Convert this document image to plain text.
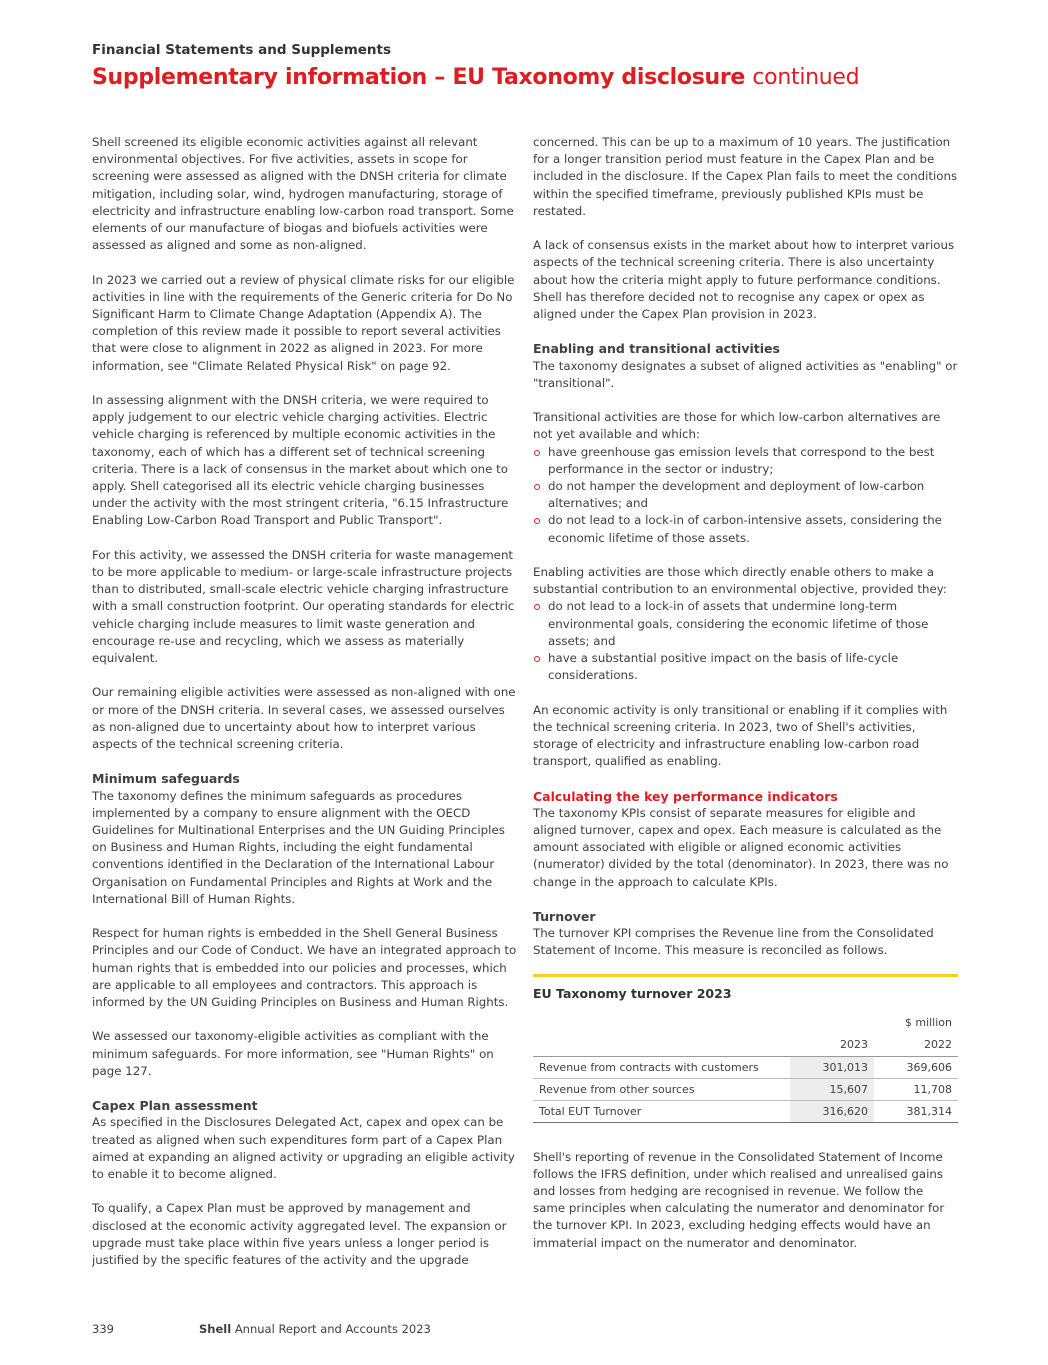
Financial Statements and Supplements
Supplementary information – EU Taxonomy disclosure continued

Shell screened its eligible economic activities against all relevant environmental objectives. For five activities, assets in scope for screening were assessed as aligned with the DNSH criteria for climate mitigation, including solar, wind, hydrogen manufacturing, storage of electricity and infrastructure enabling low-carbon road transport. Some elements of our manufacture of biogas and biofuels activities were assessed as aligned and some as non-aligned.

In 2023 we carried out a review of physical climate risks for our eligible activities in line with the requirements of the Generic criteria for Do No Significant Harm to Climate Change Adaptation (Appendix A). The completion of this review made it possible to report several activities that were close to alignment in 2022 as aligned in 2023. For more information, see "Climate Related Physical Risk" on page 92.

In assessing alignment with the DNSH criteria, we were required to apply judgement to our electric vehicle charging activities. Electric vehicle charging is referenced by multiple economic activities in the taxonomy, each of which has a different set of technical screening criteria. There is a lack of consensus in the market about which one to apply. Shell categorised all its electric vehicle charging businesses under the activity with the most stringent criteria, "6.15 Infrastructure Enabling Low-Carbon Road Transport and Public Transport".

For this activity, we assessed the DNSH criteria for waste management to be more applicable to medium- or large-scale infrastructure projects than to distributed, small-scale electric vehicle charging infrastructure with a small construction footprint. Our operating standards for electric vehicle charging include measures to limit waste generation and encourage re-use and recycling, which we assess as materially equivalent.

Our remaining eligible activities were assessed as non-aligned with one or more of the DNSH criteria. In several cases, we assessed ourselves as non-aligned due to uncertainty about how to interpret various aspects of the technical screening criteria.

Minimum safeguards

The taxonomy defines the minimum safeguards as procedures implemented by a company to ensure alignment with the OECD Guidelines for Multinational Enterprises and the UN Guiding Principles on Business and Human Rights, including the eight fundamental conventions identified in the Declaration of the International Labour Organisation on Fundamental Principles and Rights at Work and the International Bill of Human Rights.

Respect for human rights is embedded in the Shell General Business Principles and our Code of Conduct. We have an integrated approach to human rights that is embedded into our policies and processes, which are applicable to all employees and contractors. This approach is informed by the UN Guiding Principles on Business and Human Rights.

We assessed our taxonomy-eligible activities as compliant with the minimum safeguards. For more information, see "Human Rights" on page 127.

Capex Plan assessment

As specified in the Disclosures Delegated Act, capex and opex can be treated as aligned when such expenditures form part of a Capex Plan aimed at expanding an aligned activity or upgrading an eligible activity to enable it to become aligned.

To qualify, a Capex Plan must be approved by management and disclosed at the economic activity aggregated level. The expansion or upgrade must take place within five years unless a longer period is justified by the specific features of the activity and the upgrade

concerned. This can be up to a maximum of 10 years. The justification for a longer transition period must feature in the Capex Plan and be included in the disclosure. If the Capex Plan fails to meet the conditions within the specified timeframe, previously published KPIs must be restated.

A lack of consensus exists in the market about how to interpret various aspects of the technical screening criteria. There is also uncertainty about how the criteria might apply to future performance conditions. Shell has therefore decided not to recognise any capex or opex as aligned under the Capex Plan provision in 2023.

Enabling and transitional activities

The taxonomy designates a subset of aligned activities as "enabling" or "transitional".

Transitional activities are those for which low-carbon alternatives are not yet available and which:

have greenhouse gas emission levels that correspond to the best performance in the sector or industry;
do not hamper the development and deployment of low-carbon alternatives; and
do not lead to a lock-in of carbon-intensive assets, considering the economic lifetime of those assets.

Enabling activities are those which directly enable others to make a substantial contribution to an environmental objective, provided they:

do not lead to a lock-in of assets that undermine long-term environmental goals, considering the economic lifetime of those assets; and
have a substantial positive impact on the basis of life-cycle considerations.

An economic activity is only transitional or enabling if it complies with the technical screening criteria. In 2023, two of Shell's activities, storage of electricity and infrastructure enabling low-carbon road transport, qualified as enabling.

Calculating the key performance indicators

The taxonomy KPIs consist of separate measures for eligible and aligned turnover, capex and opex. Each measure is calculated as the amount associated with eligible or aligned economic activities (numerator) divided by the total (denominator). In 2023, there was no change in the approach to calculate KPIs.

Turnover

The turnover KPI comprises the Revenue line from the Consolidated Statement of Income. This measure is reconciled as follows.

EU Taxonomy turnover 2023
		$ million
	2023	2022
Revenue from contracts with customers	301,013	369,606
Revenue from other sources	15,607	11,708
Total EUT Turnover	316,620	381,314

Shell's reporting of revenue in the Consolidated Statement of Income follows the IFRS definition, under which realised and unrealised gains and losses from hedging are recognised in revenue. We follow the same principles when calculating the numerator and denominator for the turnover KPI. In 2023, excluding hedging effects would have an immaterial impact on the numerator and denominator.

339	Shell Annual Report and Accounts 2023
